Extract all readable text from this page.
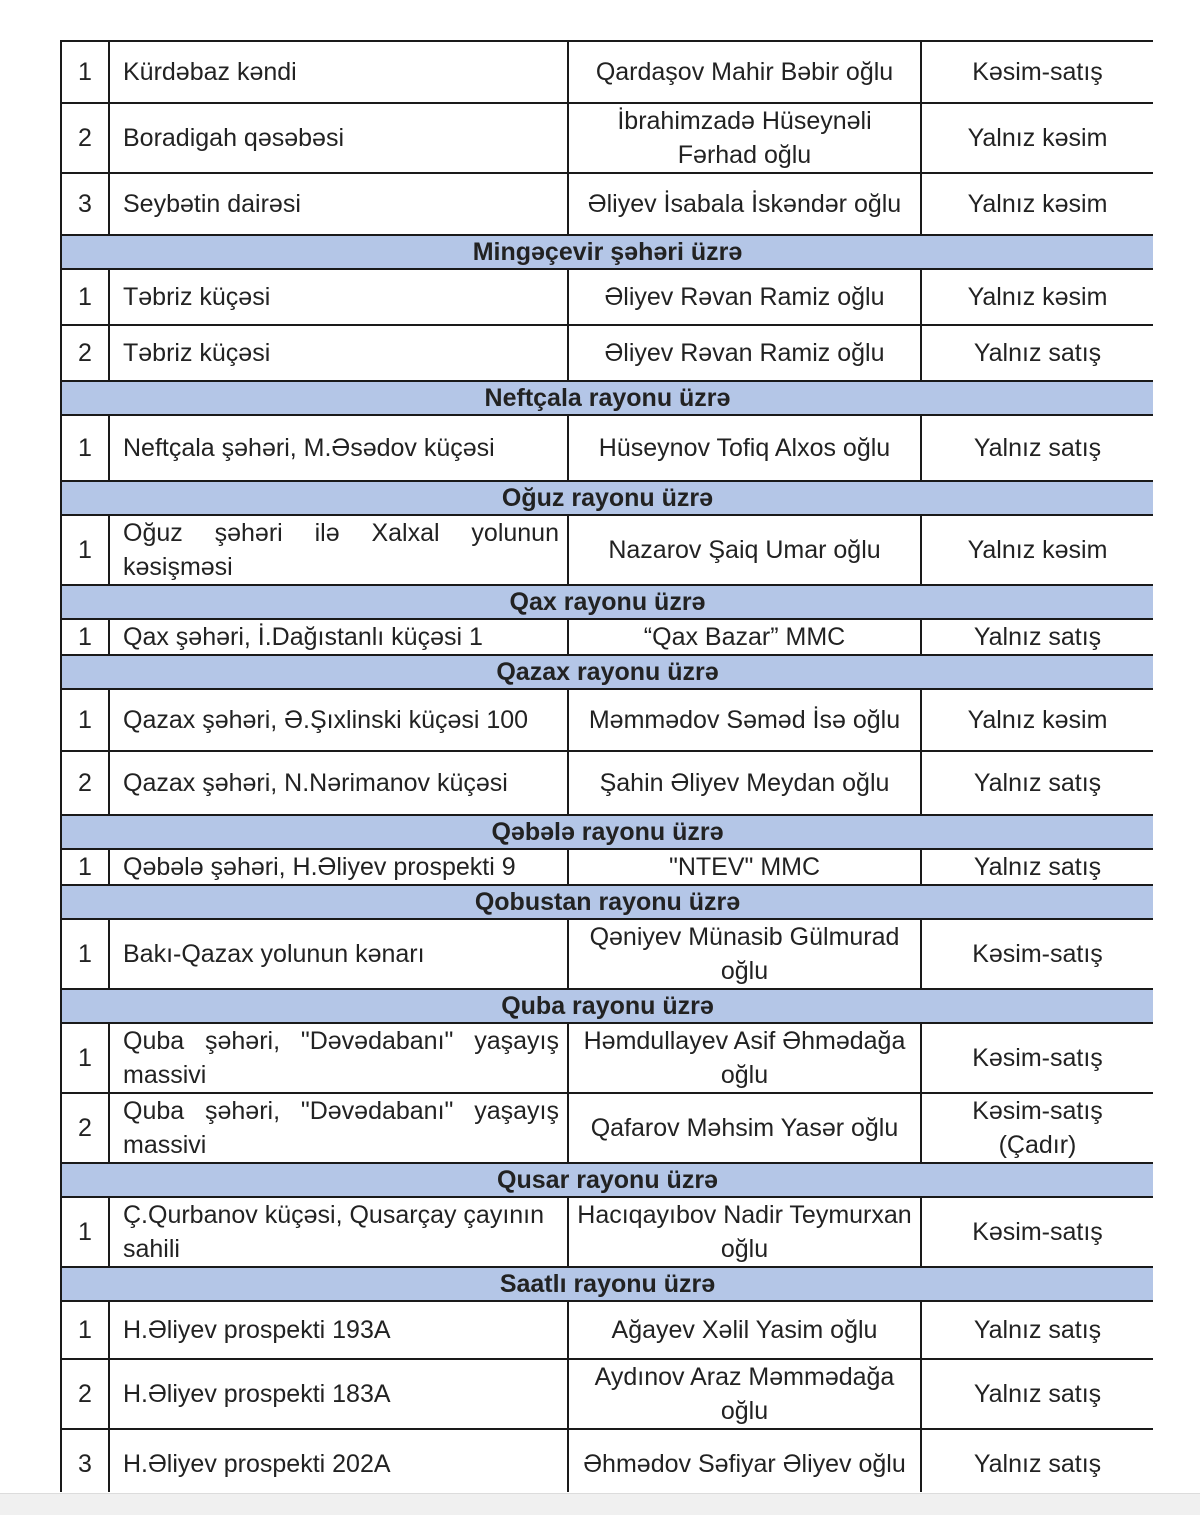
1	Kürdəbaz kəndi	Qardaşov Mahir Bəbir oğlu	Kəsim-satış
2	Boradigah qəsəbəsi	İbrahimzadə Hüseynəli Fərhad oğlu	Yalnız kəsim
3	Seybətin dairəsi	Əliyev İsabala İskəndər oğlu	Yalnız kəsim
Mingəçevir şəhəri üzrə			
1	Təbriz küçəsi	Əliyev Rəvan Ramiz oğlu	Yalnız kəsim
2	Təbriz küçəsi	Əliyev Rəvan Ramiz oğlu	Yalnız satış
Neftçala rayonu üzrə			
1	Neftçala şəhəri, M.Əsədov küçəsi	Hüseynov Tofiq Alxos oğlu	Yalnız satış
Oğuz rayonu üzrə			
1	Oğuz şəhəri ilə Xalxal yolunun kəsişməsi	Nazarov Şaiq Umar oğlu	Yalnız kəsim
Qax rayonu üzrə			
1	Qax şəhəri, İ.Dağıstanlı küçəsi 1	“Qax Bazar” MMC	Yalnız satış
Qazax rayonu üzrə			
1	Qazax şəhəri, Ə.Şıxlinski küçəsi 100	Məmmədov Səməd İsə oğlu	Yalnız kəsim
2	Qazax şəhəri, N.Nərimanov küçəsi	Şahin Əliyev Meydan oğlu	Yalnız satış
Qəbələ rayonu üzrə			
1	Qəbələ şəhəri, H.Əliyev prospekti 9	"NTEV" MMC	Yalnız satış
Qobustan rayonu üzrə			
1	Bakı-Qazax yolunun kənarı	Qəniyev Münasib Gülmurad oğlu	Kəsim-satış
Quba rayonu üzrə			
1	Quba şəhəri, "Dəvədabanı" yaşayış massivi	Həmdullayev Asif Əhmədağa oğlu	Kəsim-satış
2	Quba şəhəri, "Dəvədabanı" yaşayış massivi	Qafarov Məhsim Yasər oğlu	Kəsim-satış (Çadır)
Qusar rayonu üzrə			
1	Ç.Qurbanov küçəsi, Qusarçay çayının sahili	Hacıqayıbov Nadir Teymurxan oğlu	Kəsim-satış
Saatlı rayonu üzrə			
1	H.Əliyev prospekti 193A	Ağayev Xəlil Yasim oğlu	Yalnız satış
2	H.Əliyev prospekti 183A	Aydınov Araz Məmmədağa oğlu	Yalnız satış
3	H.Əliyev prospekti 202A	Əhmədov Səfiyar Əliyev oğlu	Yalnız satış
